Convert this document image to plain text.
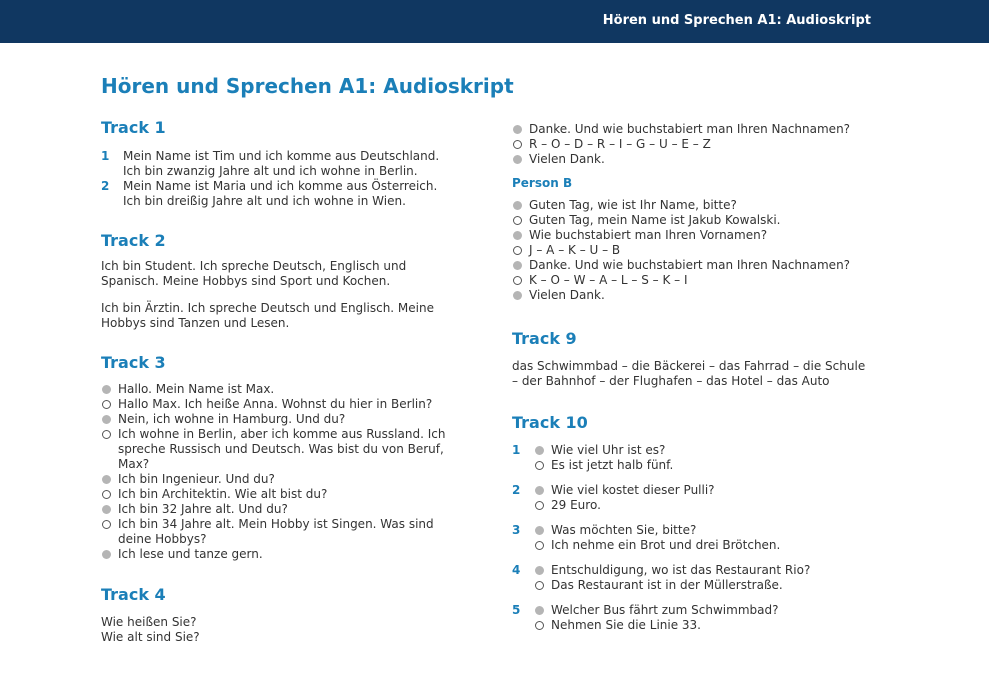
Hören und Sprechen A1: Audioskript
Hören und Sprechen A1: Audioskript
Track 1
1	Mein Name ist Tim und ich komme aus Deutschland.
Ich bin zwanzig Jahre alt und ich wohne in Berlin.
2	Mein Name ist Maria und ich komme aus Österreich.
Ich bin dreißig Jahre alt und ich wohne in Wien.
Track 2

Ich bin Student. Ich spreche Deutsch, Englisch und
Spanisch. Meine Hobbys sind Sport und Kochen.

Ich bin Ärztin. Ich spreche Deutsch und Englisch. Meine
Hobbys sind Tanzen und Lesen.

Track 3
Hallo. Mein Name ist Max.
Hallo Max. Ich heiße Anna. Wohnst du hier in Berlin?
Nein, ich wohne in Hamburg. Und du?
Ich wohne in Berlin, aber ich komme aus Russland. Ich
spreche Russisch und Deutsch. Was bist du von Beruf,
Max?
Ich bin Ingenieur. Und du?
Ich bin Architektin. Wie alt bist du?
Ich bin 32 Jahre alt. Und du?
Ich bin 34 Jahre alt. Mein Hobby ist Singen. Was sind
deine Hobbys?
Ich lese und tanze gern.
Track 4
Wie heißen Sie?
Wie alt sind Sie?
Danke. Und wie buchstabiert man Ihren Nachnamen?
R – O – D – R – I – G – U – E – Z
Vielen Dank.
Person B
Guten Tag, wie ist Ihr Name, bitte?
Guten Tag, mein Name ist Jakub Kowalski.
Wie buchstabiert man Ihren Vornamen?
J – A – K – U – B
Danke. Und wie buchstabiert man Ihren Nachnamen?
K – O – W – A – L – S – K – I
Vielen Dank.
Track 9
das Schwimmbad – die Bäckerei – das Fahrrad – die Schule
– der Bahnhof – der Flughafen – das Hotel – das Auto
Track 10
1	Wie viel Uhr ist es?
Es ist jetzt halb fünf.
2	Wie viel kostet dieser Pulli?
29 Euro.
3	Was möchten Sie, bitte?
Ich nehme ein Brot und drei Brötchen.
4	Entschuldigung, wo ist das Restaurant Rio?
Das Restaurant ist in der Müllerstraße.
5	Welcher Bus fährt zum Schwimmbad?
Nehmen Sie die Linie 33.
